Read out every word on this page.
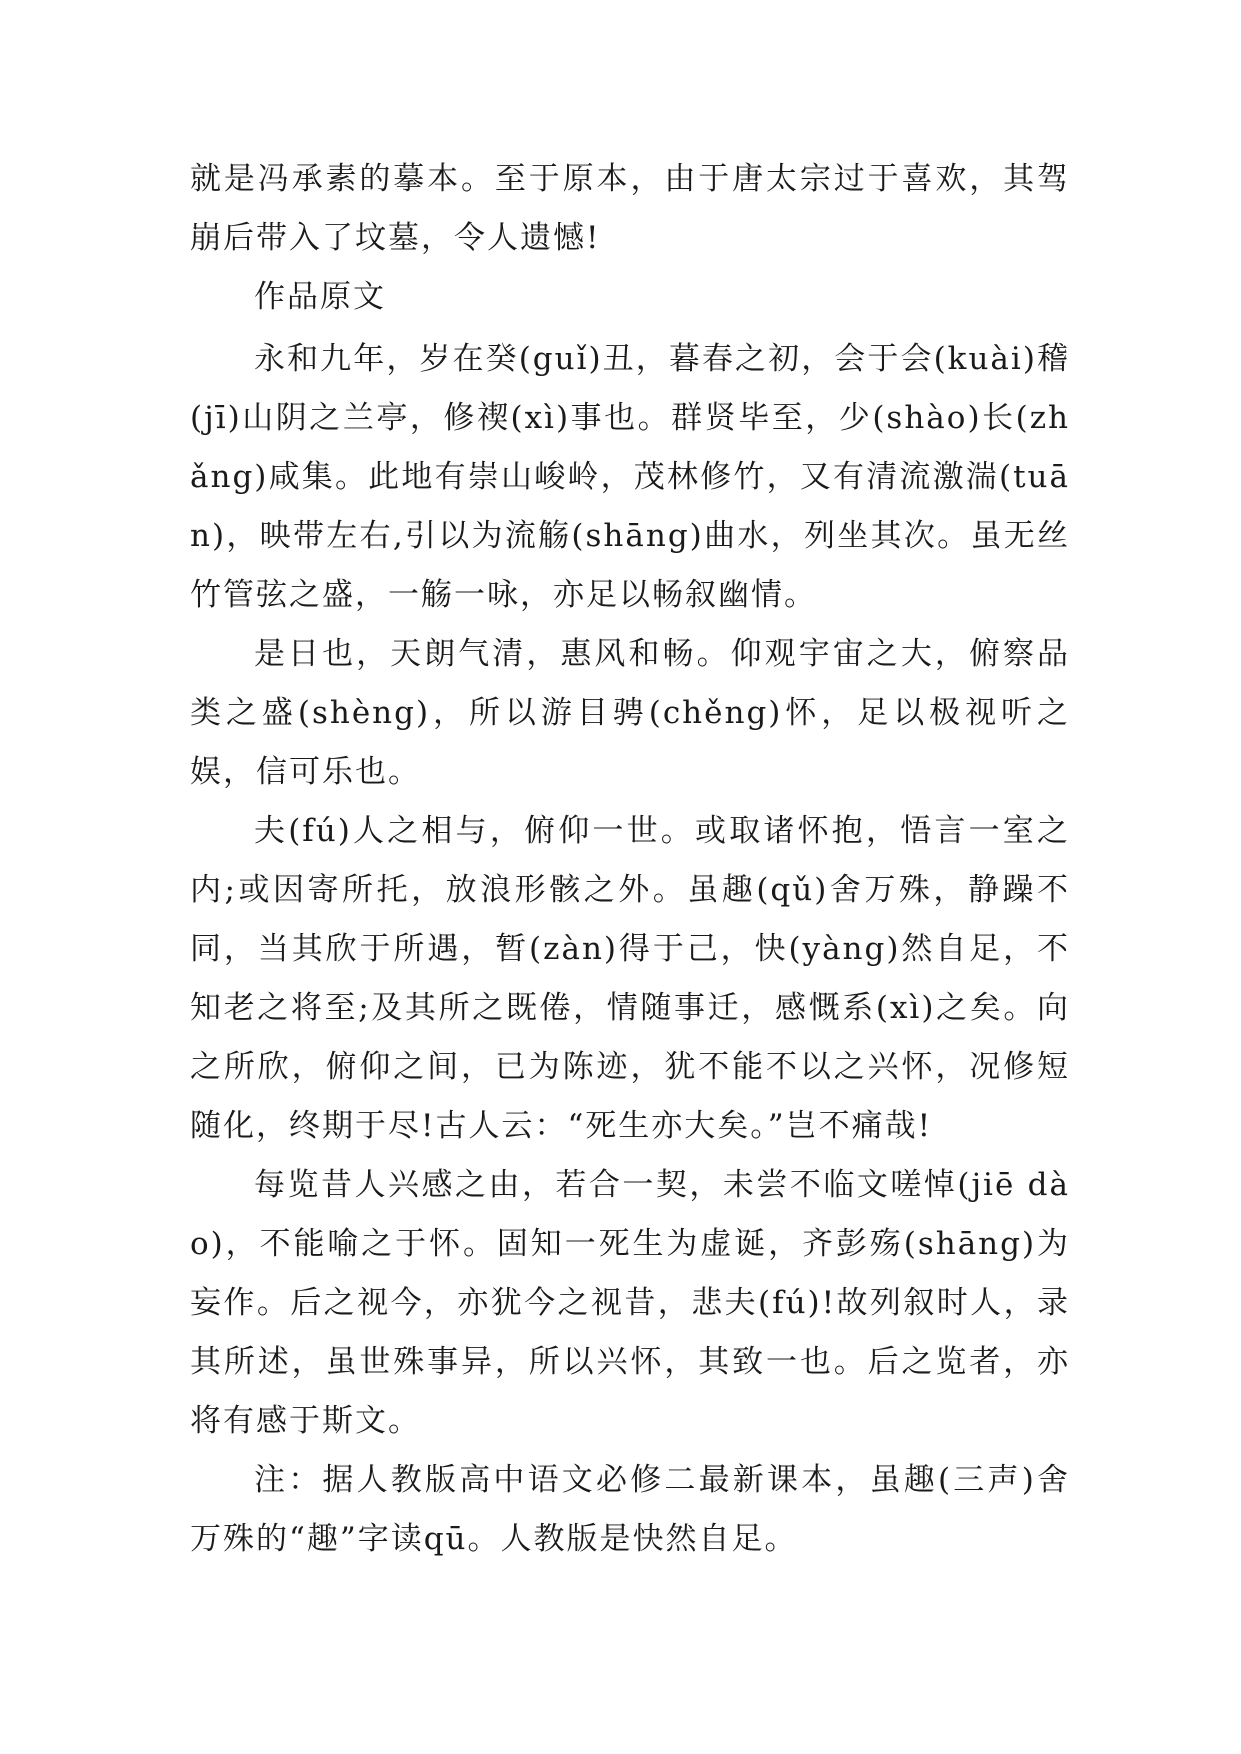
就是冯承素的摹本。至于原本，由于唐太宗过于喜欢，其驾崩后带入了坟墓，令人遗憾!

作品原文

永和九年，岁在癸(guǐ)丑，暮春之初，会于会(kuài)稽(jī)山阴之兰亭，修禊(xì)事也。群贤毕至，少(shào)长(zhǎng)咸集。此地有崇山峻岭，茂林修竹，又有清流激湍(tuān)，映带左右,引以为流觞(shāng)曲水，列坐其次。虽无丝竹管弦之盛，一觞一咏，亦足以畅叙幽情。

是日也，天朗气清，惠风和畅。仰观宇宙之大，俯察品类之盛(shèng)，所以游目骋(chěng)怀，足以极视听之娱，信可乐也。

夫(fú)人之相与，俯仰一世。或取诸怀抱，悟言一室之内;或因寄所托，放浪形骸之外。虽趣(qǔ)舍万殊，静躁不同，当其欣于所遇，暂(zàn)得于己，快(yàng)然自足，不知老之将至;及其所之既倦，情随事迁，感慨系(xì)之矣。向之所欣，俯仰之间，已为陈迹，犹不能不以之兴怀，况修短随化，终期于尽!古人云：“死生亦大矣。”岂不痛哉!

每览昔人兴感之由，若合一契，未尝不临文嗟悼(jiē dào)，不能喻之于怀。固知一死生为虚诞，齐彭殇(shāng)为妄作。后之视今，亦犹今之视昔，悲夫(fú)!故列叙时人，录其所述，虽世殊事异，所以兴怀，其致一也。后之览者，亦将有感于斯文。

注：据人教版高中语文必修二最新课本，虽趣(三声)舍万殊的“趣”字读qū。人教版是快然自足。
